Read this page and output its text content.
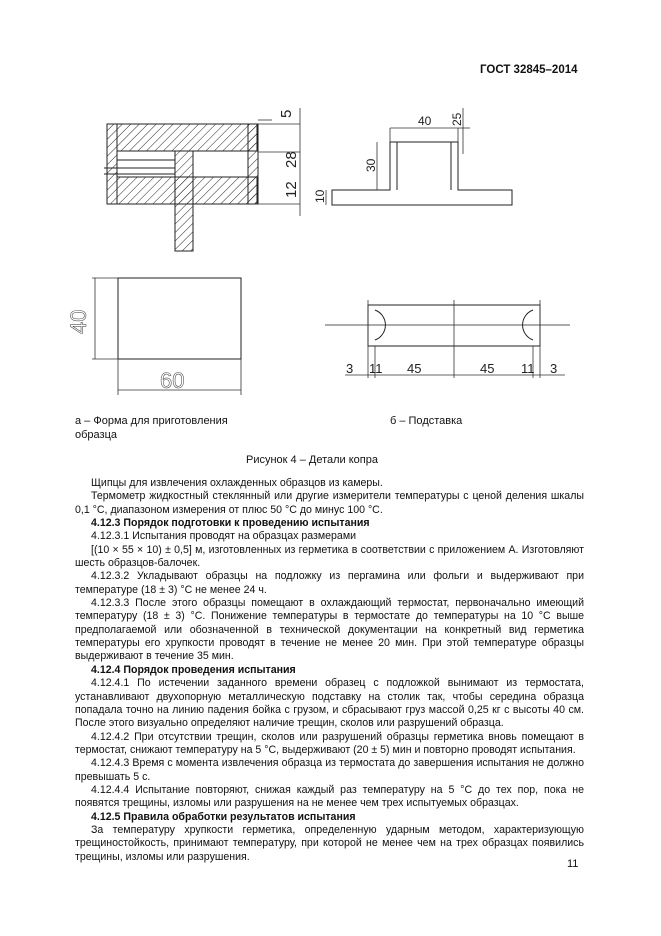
ГОСТ 32845–2014
5
28
12
40
60
40 25
30
10
3 11 45	45 11 3
а – Форма для приготовления
образца
б – Подставка
Рисунок 4 – Детали копра

Щипцы для извлечения охлажденных образцов из камеры.

Термометр жидкостный стеклянный или другие измерители температуры с ценой деления шкалы 0,1 °С, диапазоном измерения от плюс 50 °С до минус 100 °С.

4.12.3 Порядок подготовки к проведению испытания

4.12.3.1 Испытания проводят на образцах размерами

[(10 × 55 × 10) ± 0,5] м, изготовленных из герметика в соответствии с приложением А. Изготовляют шесть образцов-балочек.

4.12.3.2 Укладывают образцы на подложку из пергамина или фольги и выдерживают при температуре (18 ± 3) °С не менее 24 ч.

4.12.3.3 После этого образцы помещают в охлаждающий термостат, первоначально имеющий температуру (18 ± 3) °С. Понижение температуры в термостате до температуры на 10 °С выше предполагаемой или обозначенной в технической документации на конкретный вид герметика температуры его хрупкости проводят в течение не менее 20 мин. При этой температуре образцы выдерживают в течение 35 мин.

4.12.4 Порядок проведения испытания

4.12.4.1 По истечении заданного времени образец с подложкой вынимают из термостата, устанавливают двухопорную металлическую подставку на столик так, чтобы середина образца попадала точно на линию падения бойка с грузом, и сбрасывают груз массой 0,25 кг с высоты 40 см. После этого визуально определяют наличие трещин, сколов или разрушений образца.

4.12.4.2 При отсутствии трещин, сколов или разрушений образцы герметика вновь помещают в термостат, снижают температуру на 5 °С, выдерживают (20 ± 5) мин и повторно проводят испытания.

4.12.4.3 Время с момента извлечения образца из термостата до завершения испытания не должно превышать 5 с.

4.12.4.4 Испытание повторяют, снижая каждый раз температуру на 5 °С до тех пор, пока не появятся трещины, изломы или разрушения на не менее чем трех испытуемых образцах.

4.12.5 Правила обработки результатов испытания

За температуру хрупкости герметика, определенную ударным методом, характеризующую трещиностойкость, принимают температуру, при которой не менее чем на трех образцах появились трещины, изломы или разрушения.

11
